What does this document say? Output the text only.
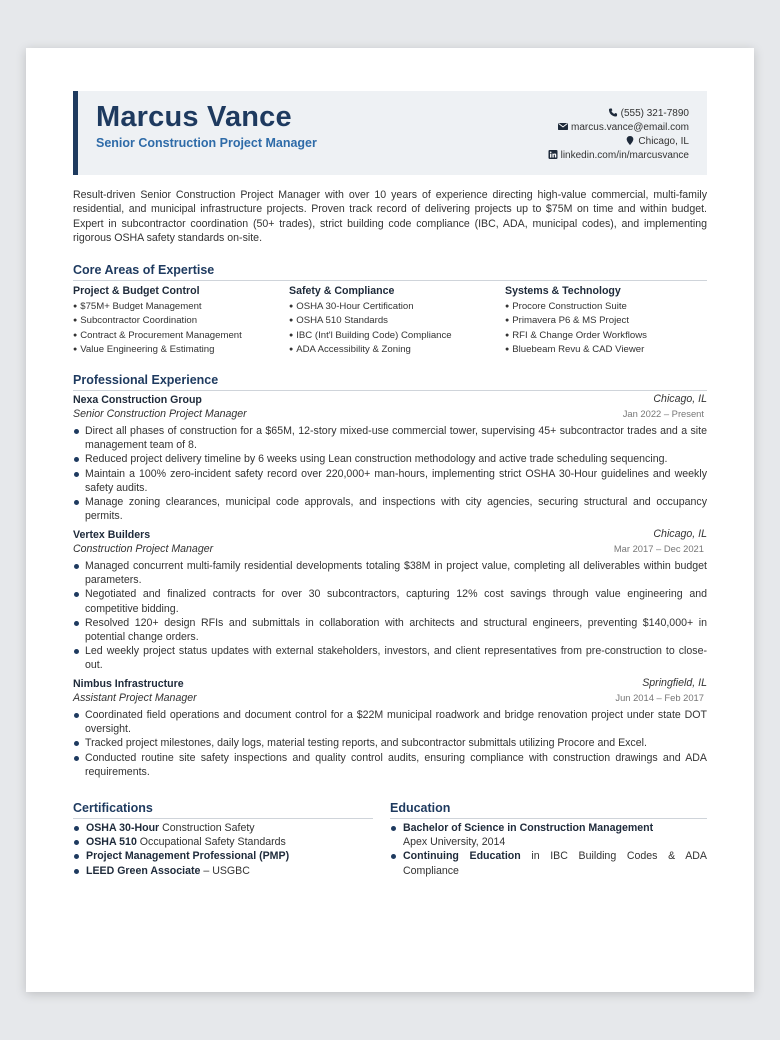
Marcus Vance
Senior Construction Project Manager
(555) 321-7890
marcus.vance@email.com
Chicago, IL
linkedin.com/in/marcusvance
Result-driven Senior Construction Project Manager with over 10 years of experience directing high-value commercial, multi-family residential, and municipal infrastructure projects. Proven track record of delivering projects up to $75M on time and within budget. Expert in subcontractor coordination (50+ trades), strict building code compliance (IBC, ADA, municipal codes), and implementing rigorous OSHA safety standards on-site.
Core Areas of Expertise
Project & Budget Control
● $75M+ Budget Management
● Subcontractor Coordination
● Contract & Procurement Management
● Value Engineering & Estimating
Safety & Compliance
● OSHA 30-Hour Certification
● OSHA 510 Standards
● IBC (Int'l Building Code) Compliance
● ADA Accessibility & Zoning
Systems & Technology
● Procore Construction Suite
● Primavera P6 & MS Project
● RFI & Change Order Workflows
● Bluebeam Revu & CAD Viewer
Professional Experience
Nexa Construction Group	Chicago, IL
Senior Construction Project Manager	Jan 2022 – Present
Direct all phases of construction for a $65M, 12-story mixed-use commercial tower, supervising 45+ subcontractor trades and a site management team of 8.
Reduced project delivery timeline by 6 weeks using Lean construction methodology and active trade scheduling sequencing.
Maintain a 100% zero-incident safety record over 220,000+ man-hours, implementing strict OSHA 30-Hour guidelines and weekly safety audits.
Manage zoning clearances, municipal code approvals, and inspections with city agencies, securing structural and occupancy permits.
Vertex Builders	Chicago, IL
Construction Project Manager	Mar 2017 – Dec 2021
Managed concurrent multi-family residential developments totaling $38M in project value, completing all deliverables within budget parameters.
Negotiated and finalized contracts for over 30 subcontractors, capturing 12% cost savings through value engineering and competitive bidding.
Resolved 120+ design RFIs and submittals in collaboration with architects and structural engineers, preventing $140,000+ in potential change orders.
Led weekly project status updates with external stakeholders, investors, and client representatives from pre-construction to close-out.
Nimbus Infrastructure	Springfield, IL
Assistant Project Manager	Jun 2014 – Feb 2017
Coordinated field operations and document control for a $22M municipal roadwork and bridge renovation project under state DOT oversight.
Tracked project milestones, daily logs, material testing reports, and subcontractor submittals utilizing Procore and Excel.
Conducted routine site safety inspections and quality control audits, ensuring compliance with construction drawings and ADA requirements.
Certifications	Education
OSHA 30-Hour Construction Safety
OSHA 510 Occupational Safety Standards
Project Management Professional (PMP)
LEED Green Associate – USGBC
Bachelor of Science in Construction Management
Apex University, 2014
Continuing Education in IBC Building Codes & ADA Compliance
